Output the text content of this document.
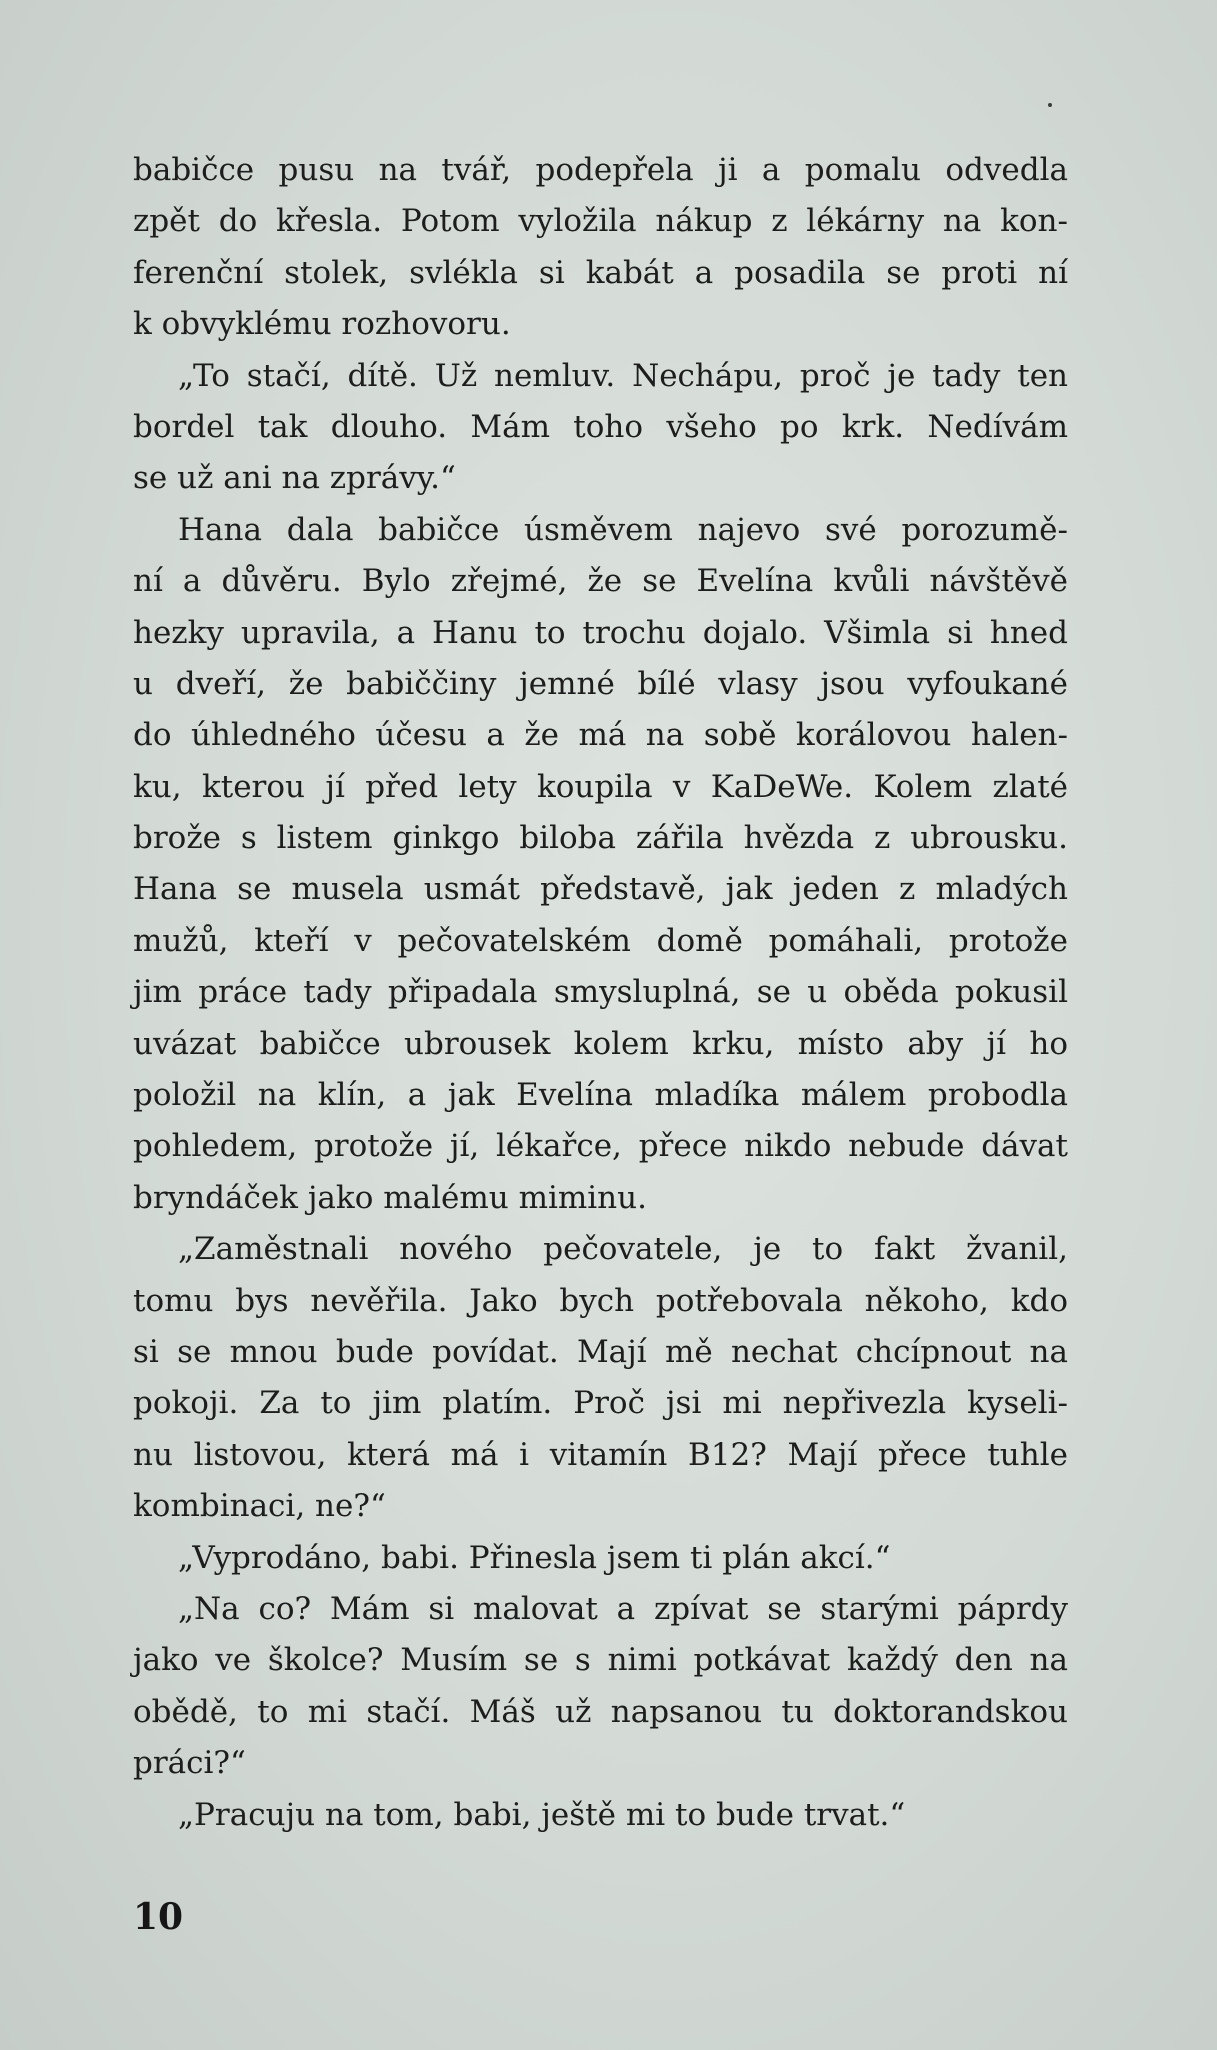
babičce pusu na tvář, podepřela ji a pomalu odvedla
zpět do křesla. Potom vyložila nákup z lékárny na kon-
ferenční stolek, svlékla si kabát a posadila se proti ní
k obvyklému rozhovoru.
„To stačí, dítě. Už nemluv. Nechápu, proč je tady ten
bordel tak dlouho. Mám toho všeho po krk. Nedívám
se už ani na zprávy.“
Hana dala babičce úsměvem najevo své porozumě-
ní a důvěru. Bylo zřejmé, že se Evelína kvůli návštěvě
hezky upravila, a Hanu to trochu dojalo. Všimla si hned
u dveří, že babiččiny jemné bílé vlasy jsou vyfoukané
do úhledného účesu a že má na sobě korálovou halen-
ku, kterou jí před lety koupila v KaDeWe. Kolem zlaté
brože s listem ginkgo biloba zářila hvězda z ubrousku.
Hana se musela usmát představě, jak jeden z mladých
mužů, kteří v pečovatelském domě pomáhali, protože
jim práce tady připadala smysluplná, se u oběda pokusil
uvázat babičce ubrousek kolem krku, místo aby jí ho
položil na klín, a jak Evelína mladíka málem probodla
pohledem, protože jí, lékařce, přece nikdo nebude dávat
bryndáček jako malému miminu.
„Zaměstnali nového pečovatele, je to fakt žvanil,
tomu bys nevěřila. Jako bych potřebovala někoho, kdo
si se mnou bude povídat. Mají mě nechat chcípnout na
pokoji. Za to jim platím. Proč jsi mi nepřivezla kyseli-
nu listovou, která má i vitamín B12? Mají přece tuhle
kombinaci, ne?“
„Vyprodáno, babi. Přinesla jsem ti plán akcí.“
„Na co? Mám si malovat a zpívat se starými páprdy
jako ve školce? Musím se s nimi potkávat každý den na
obědě, to mi stačí. Máš už napsanou tu doktorandskou
práci?“
„Pracuju na tom, babi, ještě mi to bude trvat.“
10
